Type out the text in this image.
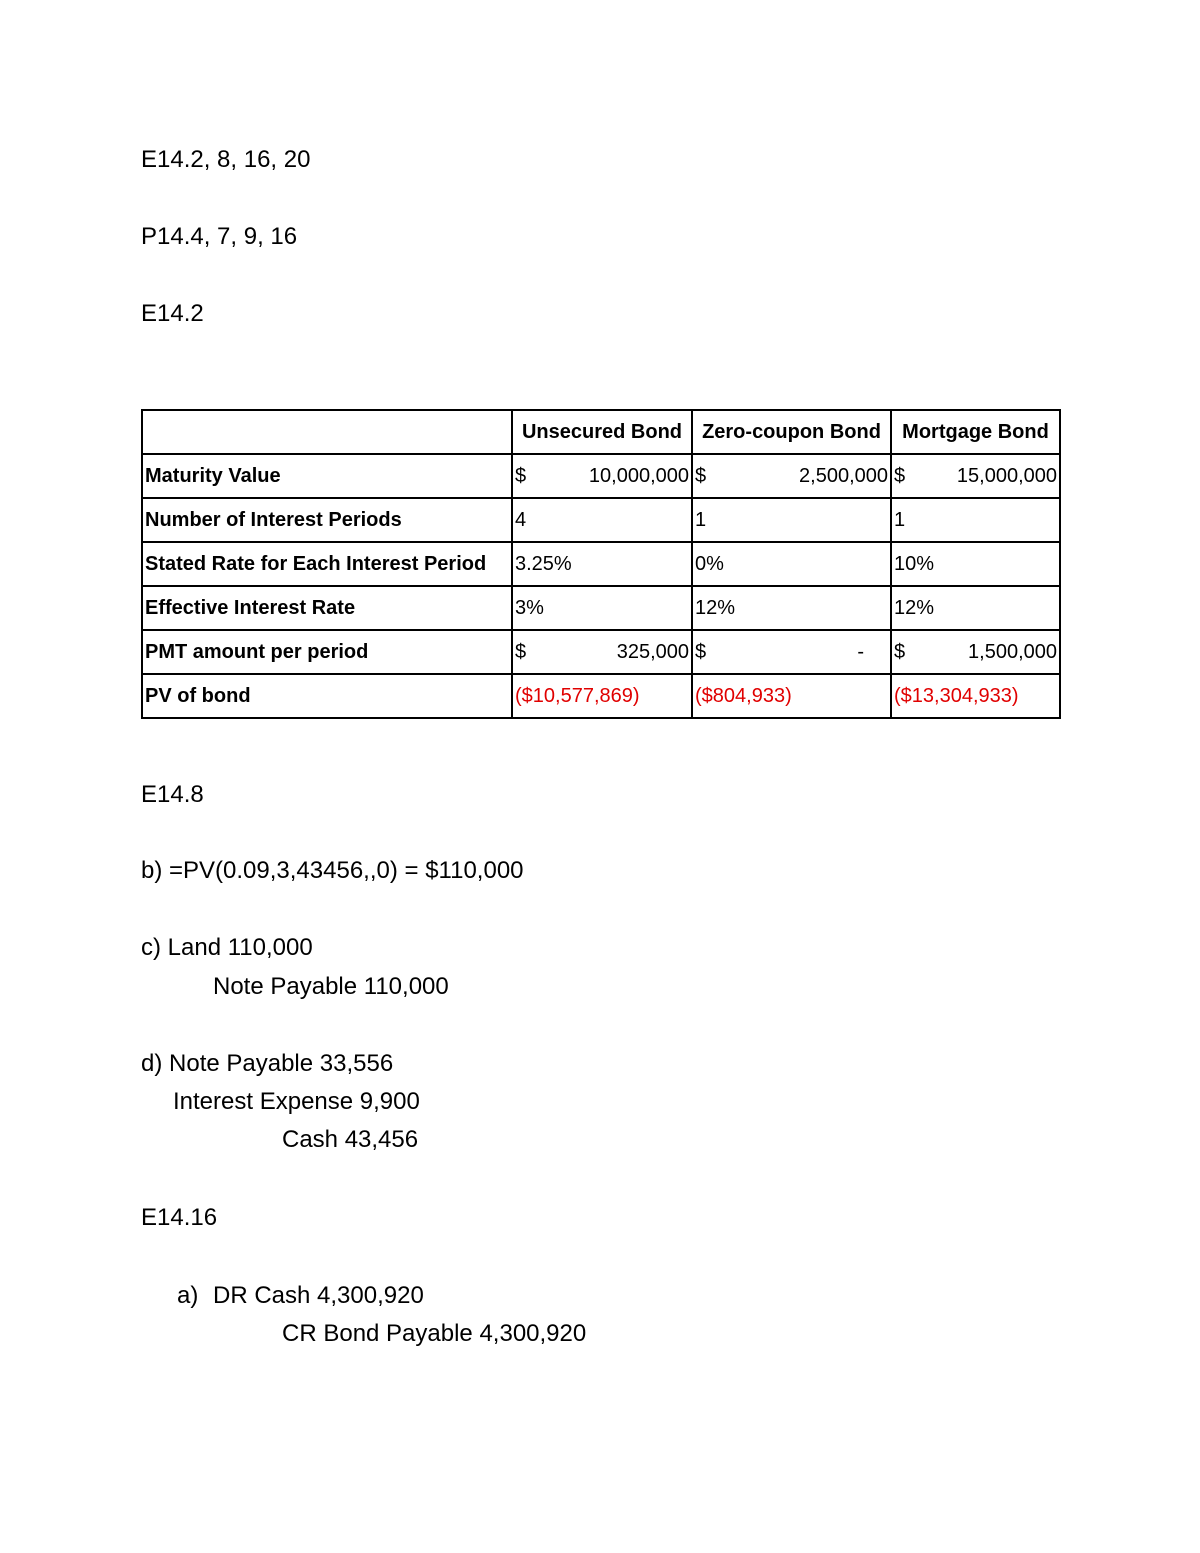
E14.2, 8, 16, 20
P14.4, 7, 9, 16
E14.2
	Unsecured Bond	Zero-coupon Bond	Mortgage Bond
Maturity Value	$ 10,000,000	$ 2,500,000	$ 15,000,000

Number of Interest Periods	4	1	1
Stated Rate for Each Interest Period	3.25%	0%	10%
Effective Interest Rate	3%	12%	12%
PMT amount per period	$ 325,000	$ -	$ 1,500,000

PV of bond	($10,577,869)	($804,933)	($13,304,933)
E14.8
b) =PV(0.09,3,43456,,0) = $110,000
c) Land 110,000
Note Payable 110,000
d) Note Payable 33,556
Interest Expense 9,900
Cash 43,456
E14.16
a) DR Cash 4,300,920
CR Bond Payable 4,300,920
